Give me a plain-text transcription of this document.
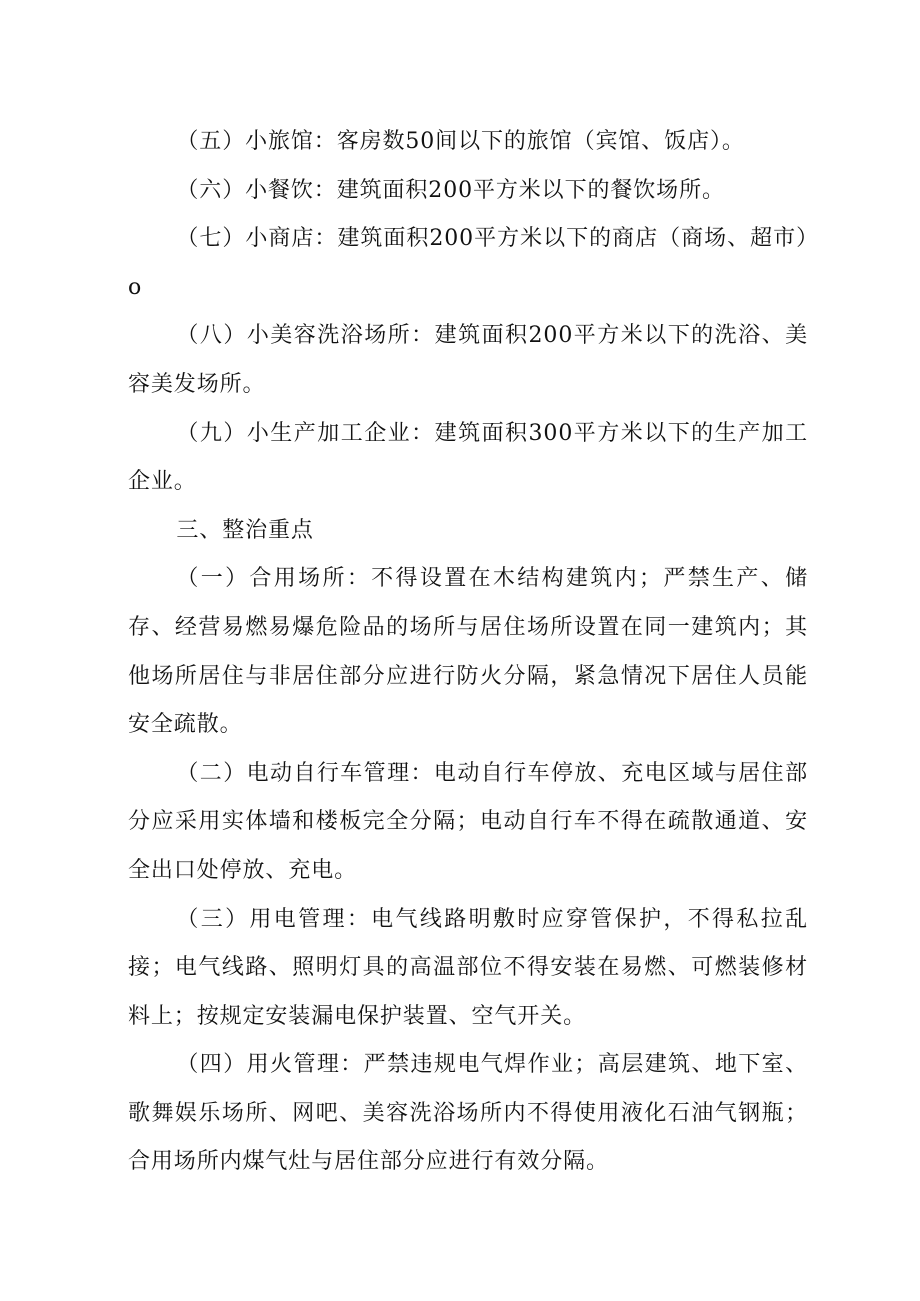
（五）小旅馆：客房数50间以下的旅馆（宾馆、饭店）。

（六）小餐饮：建筑面积200平方米以下的餐饮场所。

（七）小商店：建筑面积200平方米以下的商店（商场、超市）o

（八）小美容洗浴场所：建筑面积200平方米以下的洗浴、美容美发场所。

（九）小生产加工企业：建筑面积300平方米以下的生产加工企业。

三、整治重点

（一）合用场所：不得设置在木结构建筑内；严禁生产、储存、经营易燃易爆危险品的场所与居住场所设置在同一建筑内；其他场所居住与非居住部分应进行防火分隔，紧急情况下居住人员能安全疏散。

（二）电动自行车管理：电动自行车停放、充电区域与居住部分应采用实体墙和楼板完全分隔；电动自行车不得在疏散通道、安全出口处停放、充电。

（三）用电管理：电气线路明敷时应穿管保护，不得私拉乱接；电气线路、照明灯具的高温部位不得安装在易燃、可燃装修材料上；按规定安装漏电保护装置、空气开关。

（四）用火管理：严禁违规电气焊作业；高层建筑、地下室、歌舞娱乐场所、网吧、美容洗浴场所内不得使用液化石油气钢瓶；合用场所内煤气灶与居住部分应进行有效分隔。
